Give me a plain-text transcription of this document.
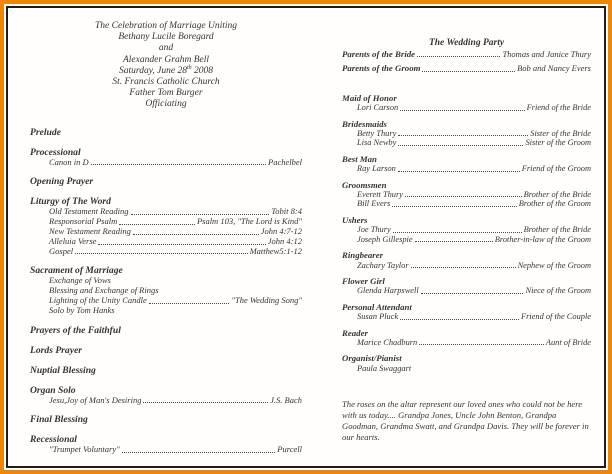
The Celebration of Marriage Uniting
Bethany Lucile Boregard
and
Alexander Grahm Bell
Saturday, June 28th 2008
St. Francis Catholic Church
Father Tom Burger
Officiating
Prelude
Processional
Canon in D	Pachelbel
Opening Prayer
Liturgy of The Word
Old Testament Reading	Tobit 8:4
Responsorial Psalm	Psalm 103, "The Lord is Kind"
New Testament Reading	John 4:7-12
Alleluia Verse	John 4:12
Gospel	Matthew5:1-12
Sacrament of Marriage
Exchange of Vows
Blessing and Exchange of Rings
Lighting of the Unity Candle	"The Wedding Song"
Solo by Tom Hanks
Prayers of the Faithful
Lords Prayer
Nuptial Blessing
Organ Solo
Jesu,Joy of Man's Desiring	J.S. Bach
Final Blessing
Recessional
"Trumpet Voluntary"	Purcell
The Wedding Party
Parents of the Bride	Thomas and Janice Thury
Parents of the Groom	Bob and Nancy Evers
Maid of Honor
Lori Carson	Friend of the Bride
Bridesmaids
Betty Thury	Sister of the Bride
Lisa Newby	Sister of the Groom
Best Man
Ray Larson	Friend of the Groom
Groomsmen
Everett Thury	Brother of the Bride
Bill Evers	Brother of the Groom
Ushers
Joe Thury	Brother of the Bride
Joseph Gillespie	Brother-in-law of the Groom
Ringbearer
Zachary Taylor	Nephew of the Groom
Flower Girl
Glenda Harpswell	Niece of the Groom
Personal Attendant
Susan Pluck	Friend of the Couple
Reader
Marice Chadburn	Aunt of Bride
Organist/Pianist
Paula Swaggart

The roses on the altar represent our loved ones who could not be here with us today.... Grandpa Jones, Uncle John Benton, Grandpa Goodman, Grandma Swatt, and Grandpa Davis. They will be forever in our hearts.
